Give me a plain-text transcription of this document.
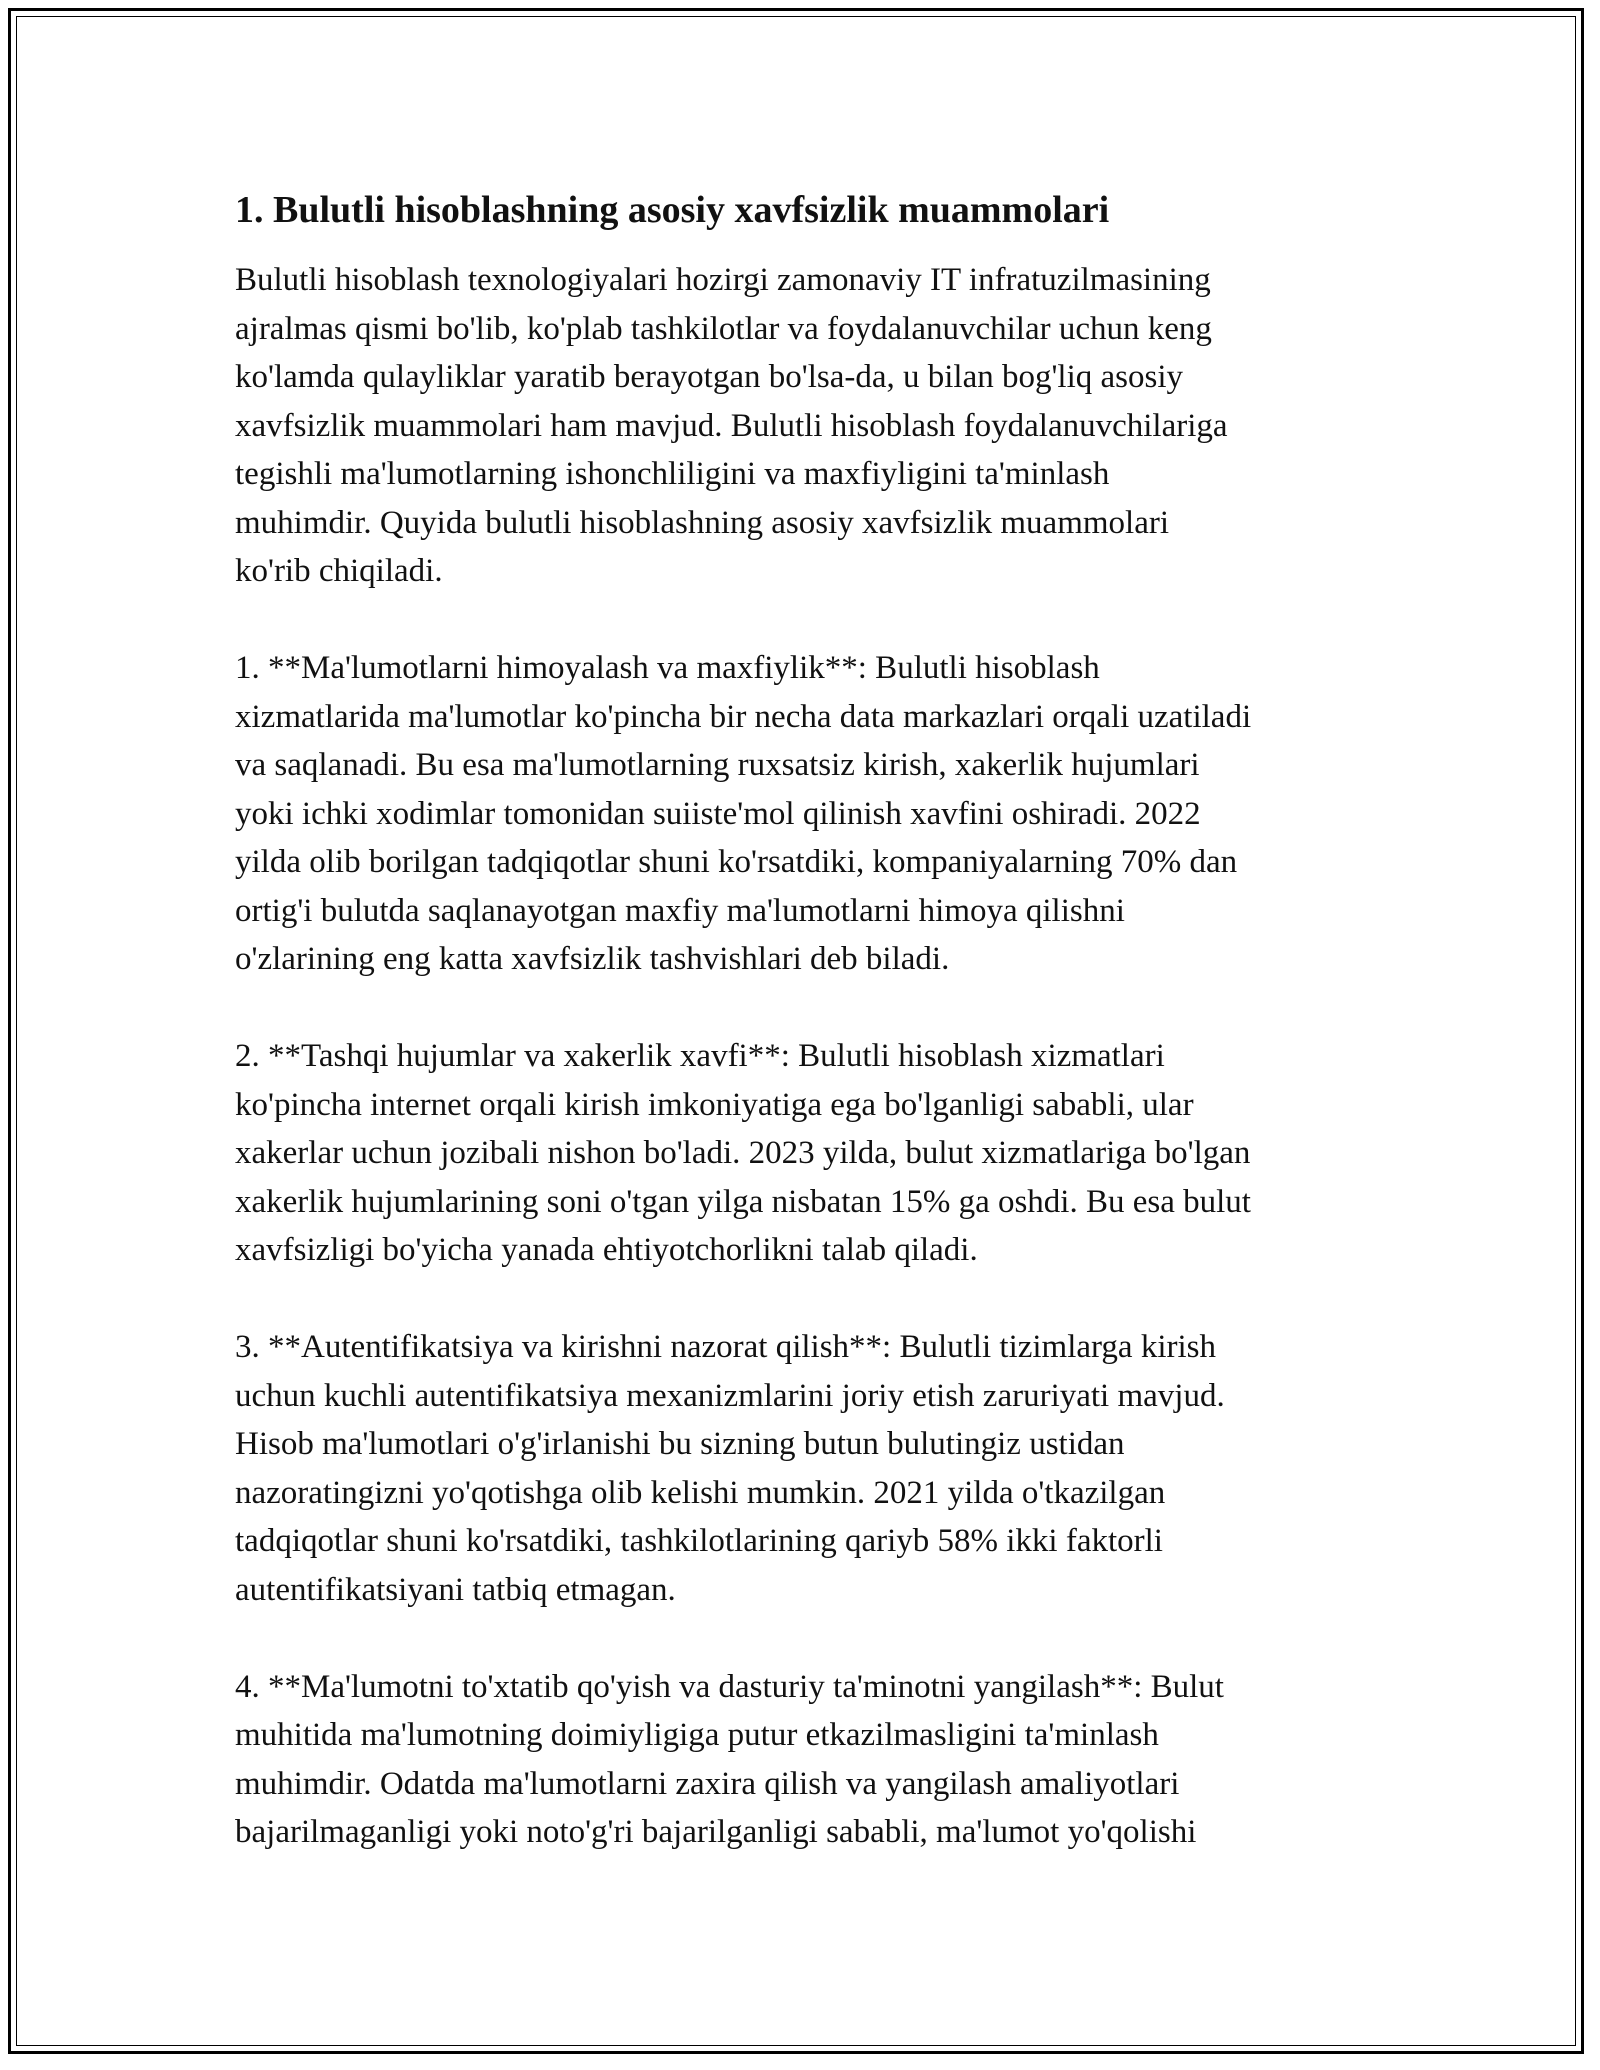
1. Bulutli hisoblashning asosiy xavfsizlik muammolari

Bulutli hisoblash texnologiyalari hozirgi zamonaviy IT infratuzilmasining
ajralmas qismi bo'lib, ko'plab tashkilotlar va foydalanuvchilar uchun keng
ko'lamda qulayliklar yaratib berayotgan bo'lsa-da, u bilan bog'liq asosiy
xavfsizlik muammolari ham mavjud. Bulutli hisoblash foydalanuvchilariga
tegishli ma'lumotlarning ishonchliligini va maxfiyligini ta'minlash
muhimdir. Quyida bulutli hisoblashning asosiy xavfsizlik muammolari
ko'rib chiqiladi.

1. **Ma'lumotlarni himoyalash va maxfiylik**: Bulutli hisoblash
xizmatlarida ma'lumotlar ko'pincha bir necha data markazlari orqali uzatiladi
va saqlanadi. Bu esa ma'lumotlarning ruxsatsiz kirish, xakerlik hujumlari
yoki ichki xodimlar tomonidan suiiste'mol qilinish xavfini oshiradi. 2022
yilda olib borilgan tadqiqotlar shuni ko'rsatdiki, kompaniyalarning 70% dan
ortig'i bulutda saqlanayotgan maxfiy ma'lumotlarni himoya qilishni
o'zlarining eng katta xavfsizlik tashvishlari deb biladi.

2. **Tashqi hujumlar va xakerlik xavfi**: Bulutli hisoblash xizmatlari
ko'pincha internet orqali kirish imkoniyatiga ega bo'lganligi sababli, ular
xakerlar uchun jozibali nishon bo'ladi. 2023 yilda, bulut xizmatlariga bo'lgan
xakerlik hujumlarining soni o'tgan yilga nisbatan 15% ga oshdi. Bu esa bulut
xavfsizligi bo'yicha yanada ehtiyotchorlikni talab qiladi.

3. **Autentifikatsiya va kirishni nazorat qilish**: Bulutli tizimlarga kirish
uchun kuchli autentifikatsiya mexanizmlarini joriy etish zaruriyati mavjud.
Hisob ma'lumotlari o'g'irlanishi bu sizning butun bulutingiz ustidan
nazoratingizni yo'qotishga olib kelishi mumkin. 2021 yilda o'tkazilgan
tadqiqotlar shuni ko'rsatdiki, tashkilotlarining qariyb 58% ikki faktorli
autentifikatsiyani tatbiq etmagan.

4. **Ma'lumotni to'xtatib qo'yish va dasturiy ta'minotni yangilash**: Bulut
muhitida ma'lumotning doimiyligiga putur etkazilmasligini ta'minlash
muhimdir. Odatda ma'lumotlarni zaxira qilish va yangilash amaliyotlari
bajarilmaganligi yoki noto'g'ri bajarilganligi sababli, ma'lumot yo'qolishi
